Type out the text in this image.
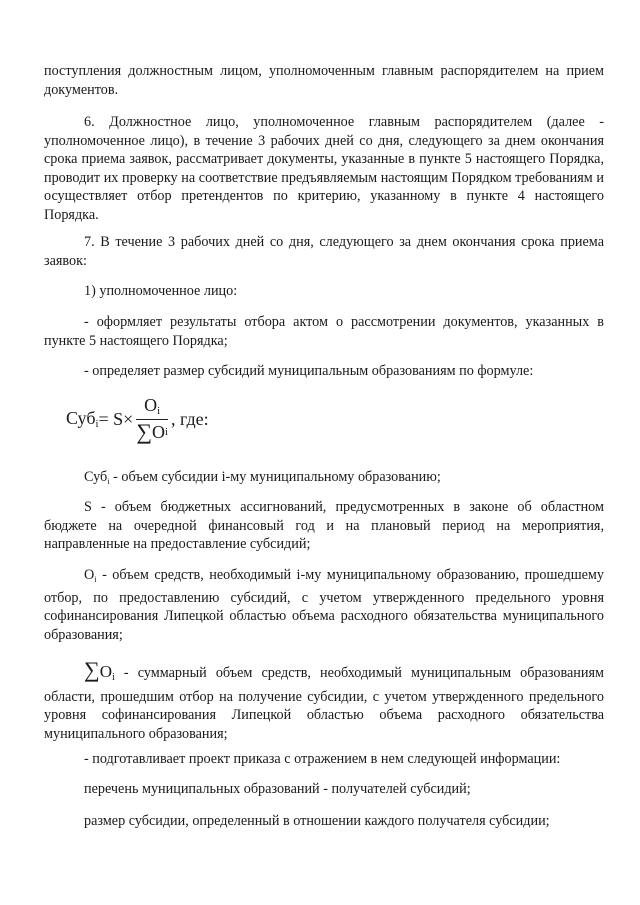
поступления должностным лицом, уполномоченным главным распорядителем на прием документов.

6. Должностное лицо, уполномоченное главным распорядителем (далее - уполномоченное лицо), в течение 3 рабочих дней со дня, следующего за днем окончания срока приема заявок, рассматривает документы, указанные в пункте 5 настоящего Порядка, проводит их проверку на соответствие предъявляемым настоящим Порядком требованиям и осуществляет отбор претендентов по критерию, указанному в пункте 4 настоящего Порядка.

7. В течение 3 рабочих дней со дня, следующего за днем окончания срока приема заявок:

1) уполномоченное лицо:

- оформляет результаты отбора актом о рассмотрении документов, указанных в пункте 5 настоящего Порядка;

- определяет размер субсидий муниципальным образованиям по формуле:

$Суб_i = S\times \frac{O_i}{\text{∑ O i}}$ , где:

Суб$_i$ - объем субсидии i-му муниципальному образованию;

S - объем бюджетных ассигнований, предусмотренных в законе об областном бюджете на очередной финансовый год и на плановый период на мероприятия, направленные на предоставление субсидий;

$O_i$ - объем средств, необходимый i-му муниципальному образованию, прошедшему отбор, по предоставлению субсидий, с учетом утвержденного предельного уровня софинансирования Липецкой областью объема расходного обязательства муниципального образования;

$\sum O_i$ - суммарный объем средств, необходимый муниципальным образованиям области, прошедшим отбор на получение субсидии, с учетом утвержденного предельного уровня софинансирования Липецкой областью объема расходного обязательства муниципального образования;

- подготавливает проект приказа с отражением в нем следующей информации:

перечень муниципальных образований - получателей субсидий;

размер субсидии, определенный в отношении каждого получателя субсидии;
